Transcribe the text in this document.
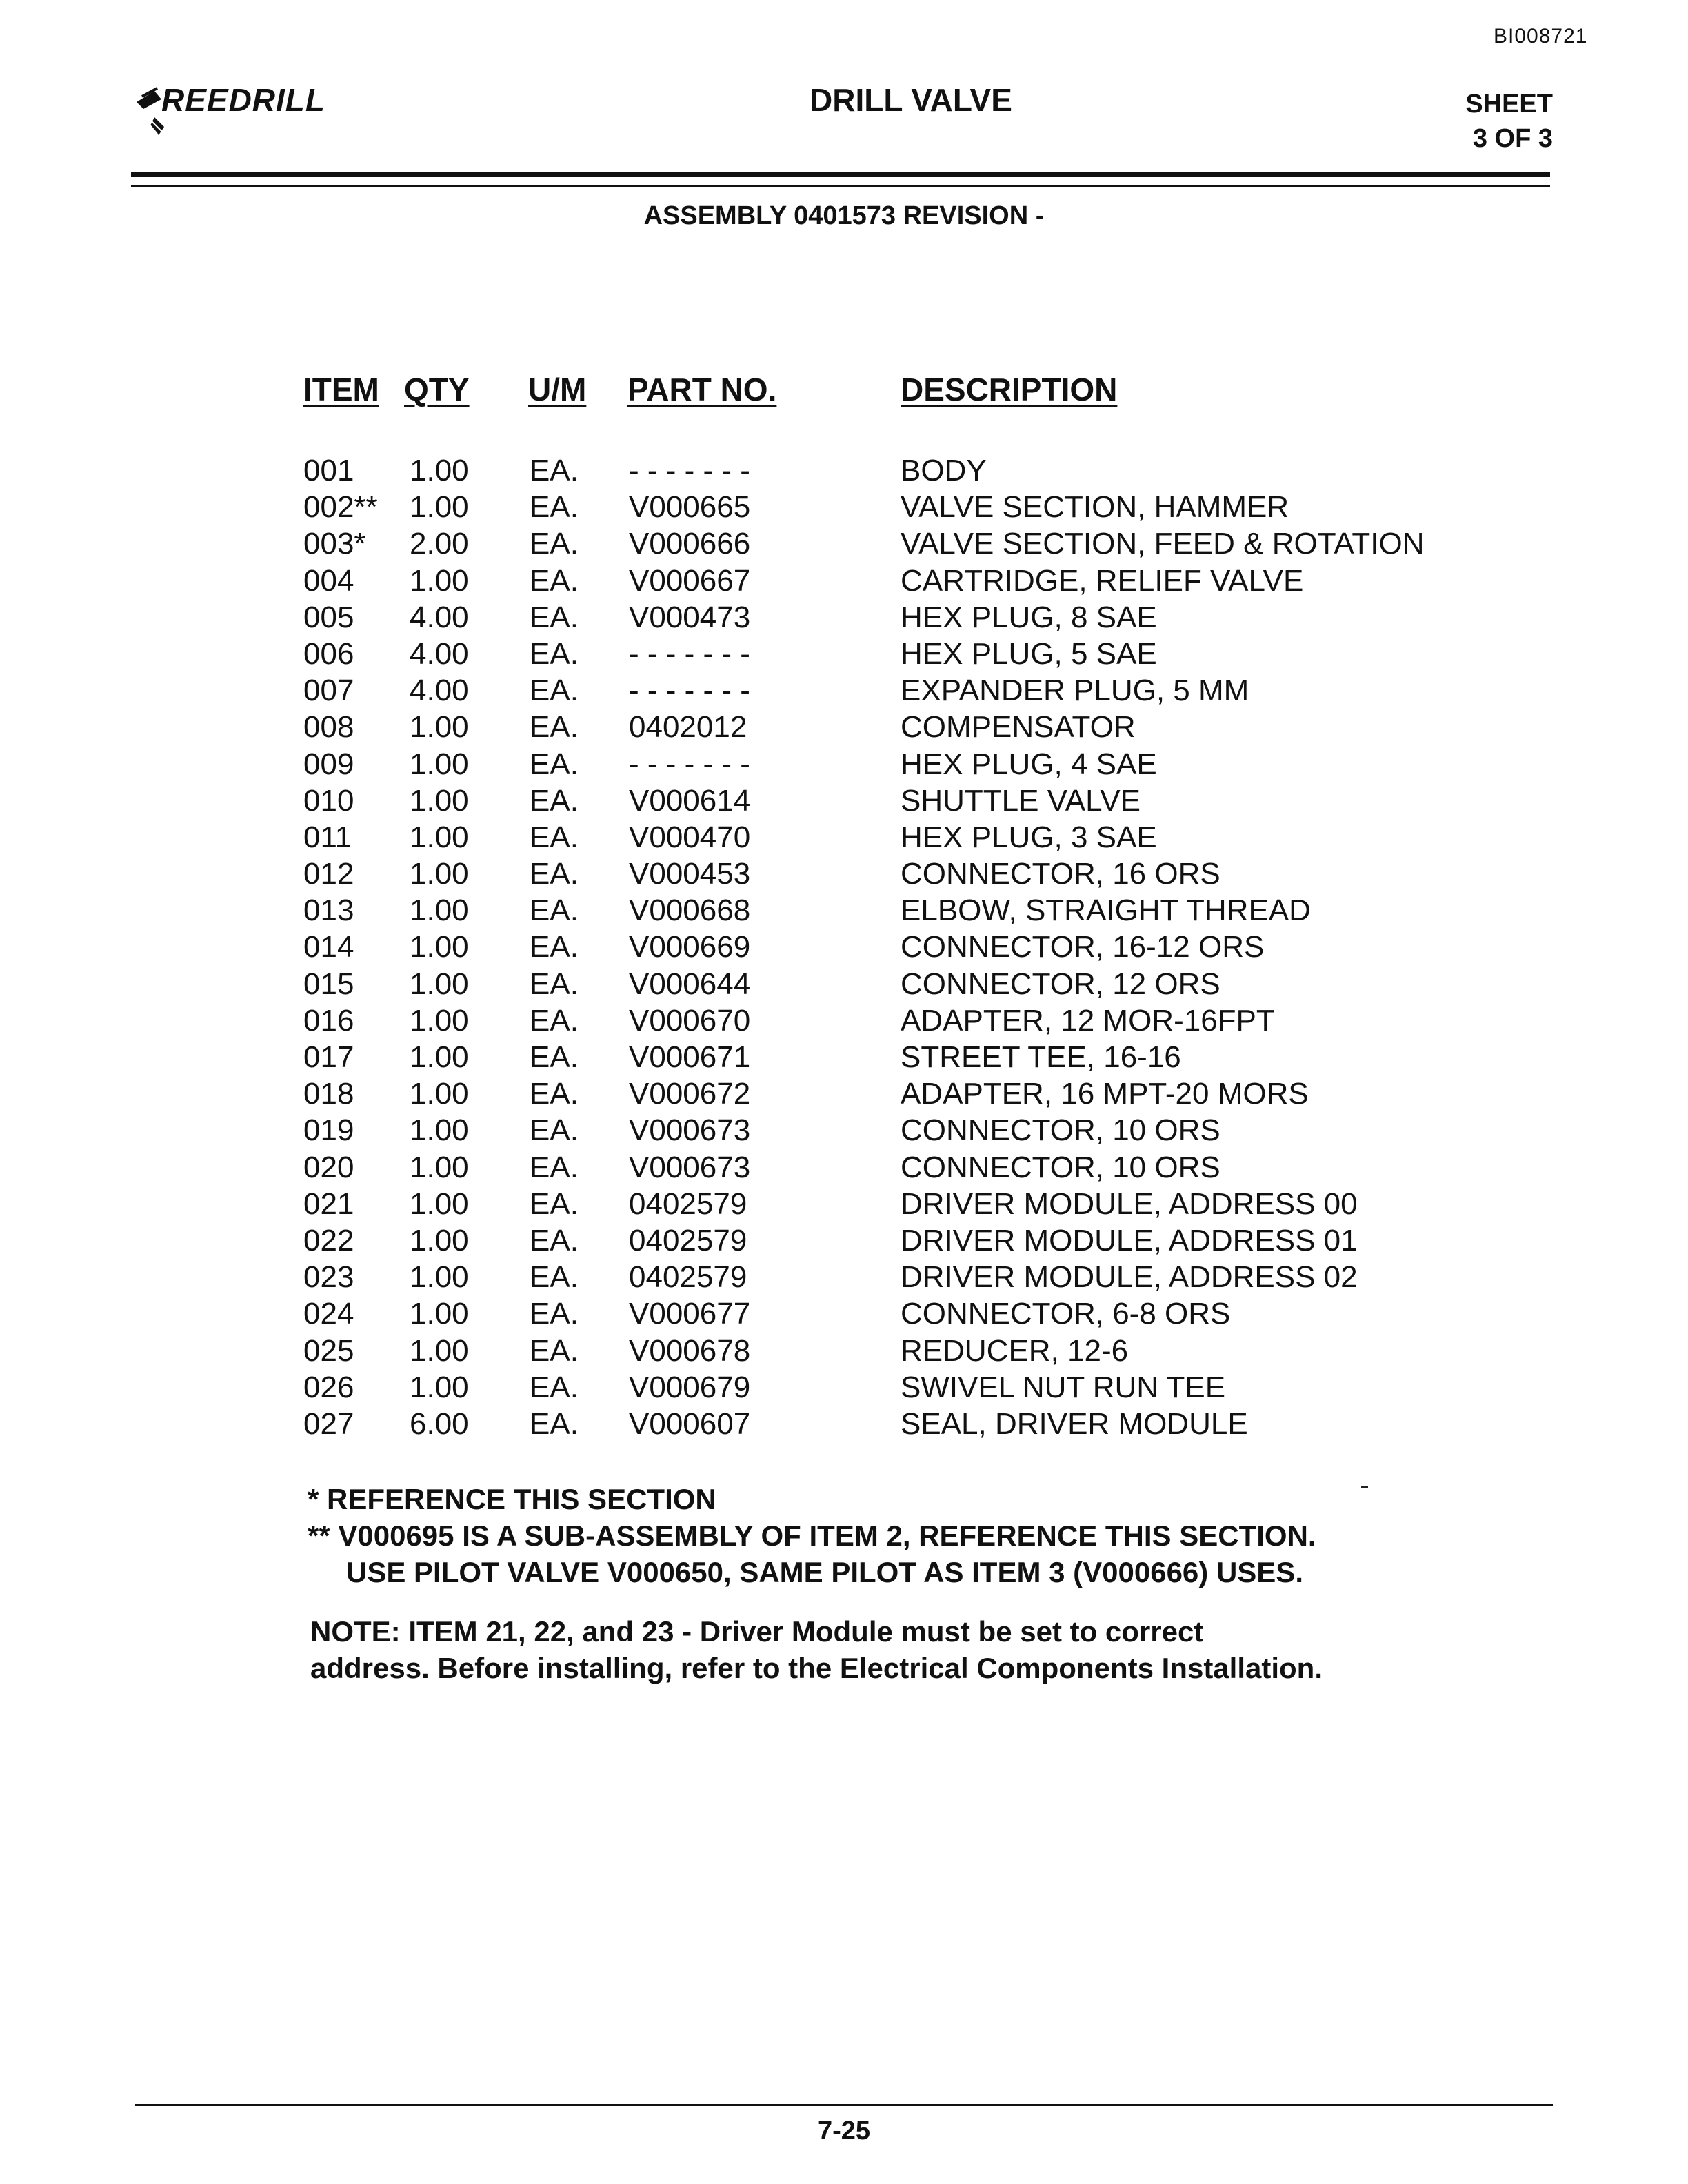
BI008721
REEDRILL	DRILL VALVE	SHEET
3 OF 3
ASSEMBLY 0401573 REVISION -
ITEM QTY U/M PART NO.	DESCRIPTION
001 1.00 EA. - - - - - - -	BODY
002** 1.00 EA. V000665	VALVE SECTION, HAMMER
003* 2.00 EA. V000666	VALVE SECTION, FEED & ROTATION
004 1.00 EA. V000667	CARTRIDGE, RELIEF VALVE
005 4.00 EA. V000473	HEX PLUG, 8 SAE
006 4.00 EA. - - - - - - -	HEX PLUG, 5 SAE
007 4.00 EA. - - - - - - -	EXPANDER PLUG, 5 MM
008 1.00 EA. 0402012	COMPENSATOR
009 1.00 EA. - - - - - - -	HEX PLUG, 4 SAE
010 1.00 EA. V000614	SHUTTLE VALVE
011 1.00 EA. V000470	HEX PLUG, 3 SAE
012 1.00 EA. V000453	CONNECTOR, 16 ORS
013 1.00 EA. V000668	ELBOW, STRAIGHT THREAD
014 1.00 EA. V000669	CONNECTOR, 16-12 ORS
015 1.00 EA. V000644	CONNECTOR, 12 ORS
016 1.00 EA. V000670	ADAPTER, 12 MOR-16FPT
017 1.00 EA. V000671	STREET TEE, 16-16
018 1.00 EA. V000672	ADAPTER, 16 MPT-20 MORS
019 1.00 EA. V000673	CONNECTOR, 10 ORS
020 1.00 EA. V000673	CONNECTOR, 10 ORS
021 1.00 EA. 0402579	DRIVER MODULE, ADDRESS 00
022 1.00 EA. 0402579	DRIVER MODULE, ADDRESS 01
023 1.00 EA. 0402579	DRIVER MODULE, ADDRESS 02
024 1.00 EA. V000677	CONNECTOR, 6-8 ORS
025 1.00 EA. V000678	REDUCER, 12-6
026 1.00 EA. V000679	SWIVEL NUT RUN TEE
027 6.00 EA. V000607	SEAL, DRIVER MODULE
* REFERENCE THIS SECTION
** V000695 IS A SUB-ASSEMBLY OF ITEM 2, REFERENCE THIS SECTION.
USE PILOT VALVE V000650, SAME PILOT AS ITEM 3 (V000666) USES.
NOTE: ITEM 21, 22, and 23 - Driver Module must be set to correct
address. Before installing, refer to the Electrical Components Installation.
7-25
